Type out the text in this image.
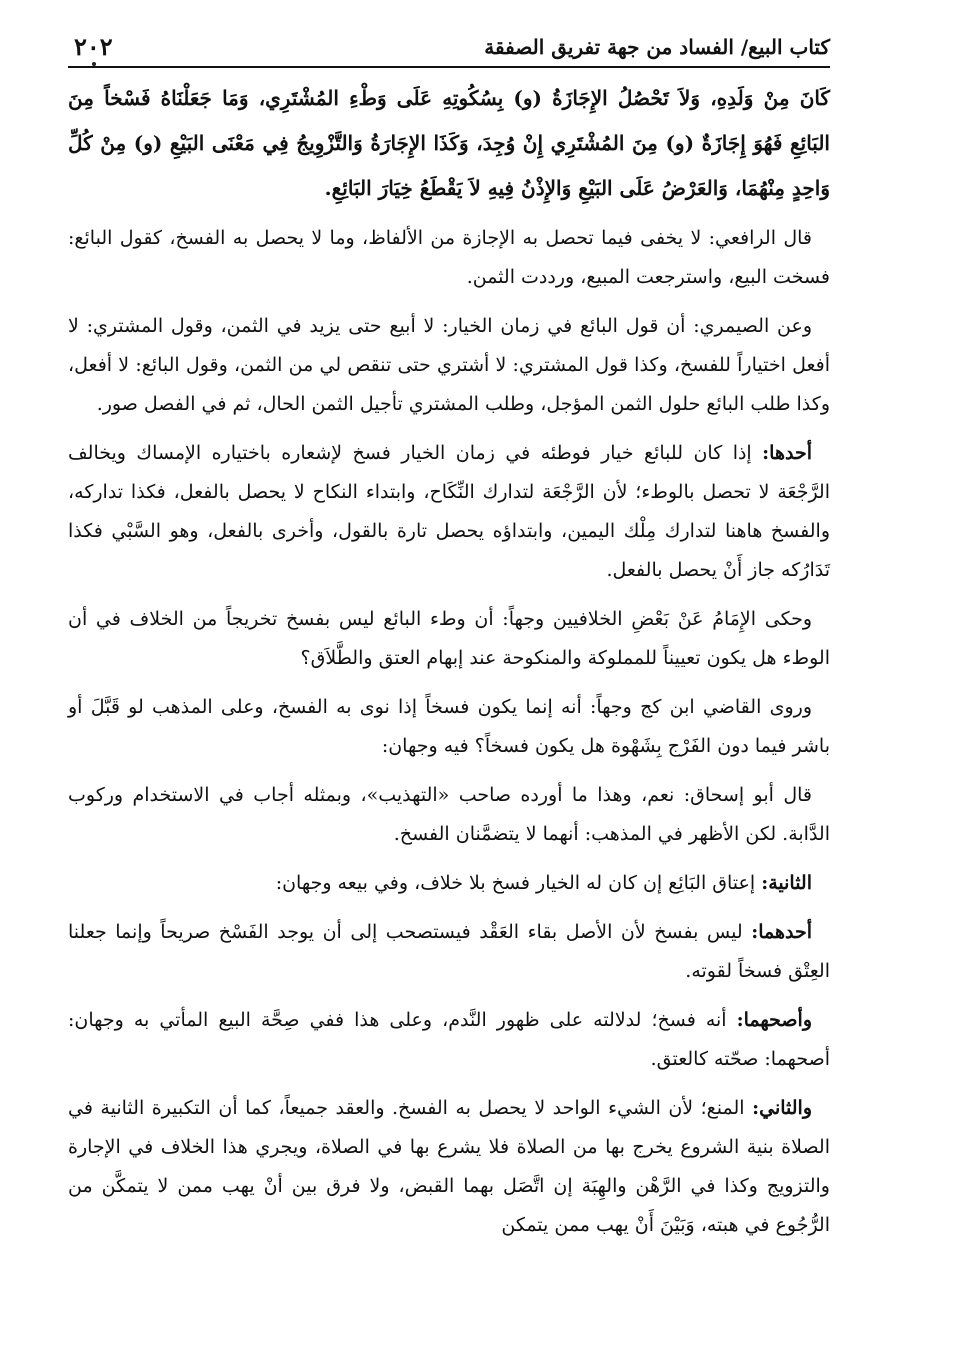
كتاب البيع/ الفساد من جهة تفريق الصفقة
٢٠٢

كَانَ مِنْ وَلَدِهِ، وَلاَ تَحْصُلُ الإِجَازَةُ (و) بِسُكُوتِهِ عَلَى وَطْءِ المُشْتَرِي، وَمَا جَعَلْنَاهُ فَسْخاً مِنَ البَائِعِ فَهُوَ إِجَازَةٌ (و) مِنَ المُشْتَرِي إِنْ وُجِدَ، وَكَذَا الإِجَارَةُ وَالتَّزْوِيجُ فِي مَعْنَى البَيْعِ (و) مِنْ كُلِّ وَاحِدٍ مِنْهُمَا، وَالعَرْضُ عَلَى البَيْعِ وَالإِذْنُ فِيهِ لاَ يَقْطَعُ خِيَارَ البَائِعِ.

قال الرافعي: لا يخفى فيما تحصل به الإجازة من الألفاظ، وما لا يحصل به الفسخ، كقول البائع: فسخت البيع، واسترجعت المبيع، ورددت الثمن.

وعن الصيمري: أن قول البائع في زمان الخيار: لا أبيع حتى يزيد في الثمن، وقول المشتري: لا أفعل اختياراً للفسخ، وكذا قول المشتري: لا أشتري حتى تنقص لي من الثمن، وقول البائع: لا أفعل، وكذا طلب البائع حلول الثمن المؤجل، وطلب المشتري تأجيل الثمن الحال، ثم في الفصل صور.

أحدها: إذا كان للبائع خيار فوطئه في زمان الخيار فسخ لإشعاره باختياره الإمساك ويخالف الرَّجْعَة لا تحصل بالوطء؛ لأن الرَّجْعَة لتدارك النِّكَاح، وابتداء النكاح لا يحصل بالفعل، فكذا تداركه، والفسخ هاهنا لتدارك مِلْك اليمين، وابتداؤه يحصل تارة بالقول، وأخرى بالفعل، وهو السَّبْي فكذا تَدَارُكه جاز أَنْ يحصل بالفعل.

وحكى الإِمَامُ عَنْ بَعْضِ الخلافيين وجهاً: أن وطء البائع ليس بفسخ تخريجاً من الخلاف في أن الوطء هل يكون تعييناً للمملوكة والمنكوحة عند إبهام العتق والطَّلاَق؟

وروى القاضي ابن كج وجهاً: أنه إنما يكون فسخاً إذا نوى به الفسخ، وعلى المذهب لو قَبَّلَ أو باشر فيما دون الفَرْج بِشَهْوة هل يكون فسخاً؟ فيه وجهان:

قال أبو إسحاق: نعم، وهذا ما أورده صاحب «التهذيب»، وبمثله أجاب في الاستخدام وركوب الدَّابة. لكن الأظهر في المذهب: أنهما لا يتضمَّنان الفسخ.

الثانية: إعتاق البَائِع إن كان له الخيار فسخ بلا خلاف، وفي بيعه وجهان:

أحدهما: ليس بفسخ لأن الأصل بقاء العَقْد فيستصحب إلى أن يوجد الفَسْخ صريحاً وإنما جعلنا العِتْق فسخاً لقوته.

وأصحهما: أنه فسخ؛ لدلالته على ظهور النَّدم، وعلى هذا ففي صِحَّة البيع المأتي به وجهان: أصحهما: صحّته كالعتق.

والثاني: المنع؛ لأن الشيء الواحد لا يحصل به الفسخ. والعقد جميعاً، كما أن التكبيرة الثانية في الصلاة بنية الشروع يخرج بها من الصلاة فلا يشرع بها في الصلاة، ويجري هذا الخلاف في الإجارة والتزويج وكذا في الرَّهْن والهِبَة إن اتَّصَل بهما القبض، ولا فرق بين أنْ يهب ممن لا يتمكَّن من الرُّجُوع في هبته، وَبَيْنَ أَنْ يهب ممن يتمكن
